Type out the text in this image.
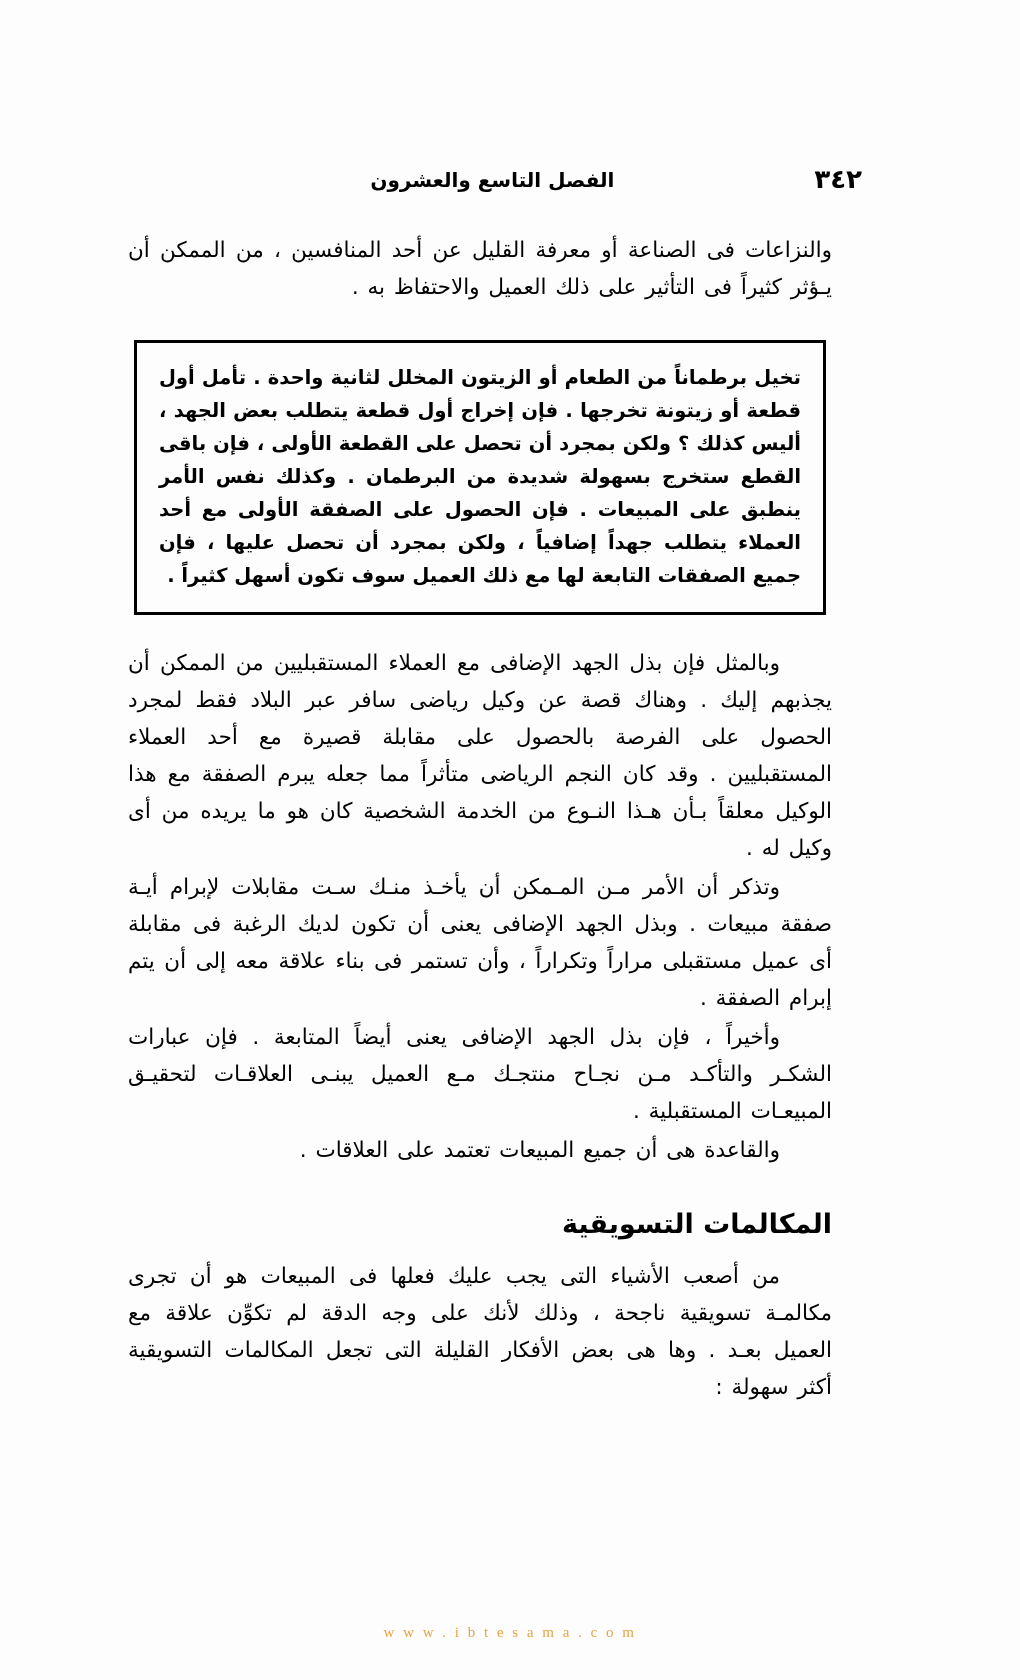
٣٤٢
الفصل التاسع والعشرون

والنزاعات فى الصناعة أو معرفة القليل عن أحد المنافسين ، من الممكن أن يـؤثر كثيراً فى التأثير على ذلك العميل والاحتفاظ به .

تخيل برطماناً من الطعام أو الزيتون المخلل لثانية واحدة . تأمل أول قطعة أو زيتونة تخرجها . فإن إخراج أول قطعة يتطلب بعض الجهد ، أليس كذلك ؟ ولكن بمجرد أن تحصل على القطعة الأولى ، فإن باقى القطع ستخرج بسهولة شديدة من البرطمان . وكذلك نفس الأمر ينطبق على المبيعات . فإن الحصول على الصفقة الأولى مع أحد العملاء يتطلب جهداً إضافياً ، ولكن بمجرد أن تحصل عليها ، فإن جميع الصفقات التابعة لها مع ذلك العميل سوف تكون أسهل كثيراً .

وبالمثل فإن بذل الجهد الإضافى مع العملاء المستقبليين من الممكن أن يجذبهم إليك . وهناك قصة عن وكيل رياضى سافر عبر البلاد فقط لمجرد الحصول على الفرصة بالحصول على مقابلة قصيرة مع أحد العملاء المستقبليين . وقد كان النجم الرياضى متأثراً مما جعله يبرم الصفقة مع هذا الوكيل معلقاً بـأن هـذا النـوع من الخدمة الشخصية كان هو ما يريده من أى وكيل له .

وتذكر أن الأمر مـن المـمكن أن يأخـذ منـك سـت مقابلات لإبرام أيـة صفقة مبيعات . وبذل الجهد الإضافى يعنى أن تكون لديك الرغبة فى مقابلة أى عميل مستقبلى مراراً وتكراراً ، وأن تستمر فى بناء علاقة معه إلى أن يتم إبرام الصفقة .

وأخيراً ، فإن بذل الجهد الإضافى يعنى أيضاً المتابعة . فإن عبارات الشكـر والتأكـد مـن نجـاح منتجـك مـع العميل يبنـى العلاقـات لتحقيـق المبيعـات المستقبلية .

والقاعدة هى أن جميع المبيعات تعتمد على العلاقات .

المكالمات التسويقية

من أصعب الأشياء التى يجب عليك فعلها فى المبيعات هو أن تجرى مكالمـة تسويقية ناجحة ، وذلك لأنك على وجه الدقة لم تكوِّن علاقة مع العميل بعـد . وها هى بعض الأفكار القليلة التى تجعل المكالمات التسويقية أكثر سهولة :

w w w . i b t e s a m a . c o m
